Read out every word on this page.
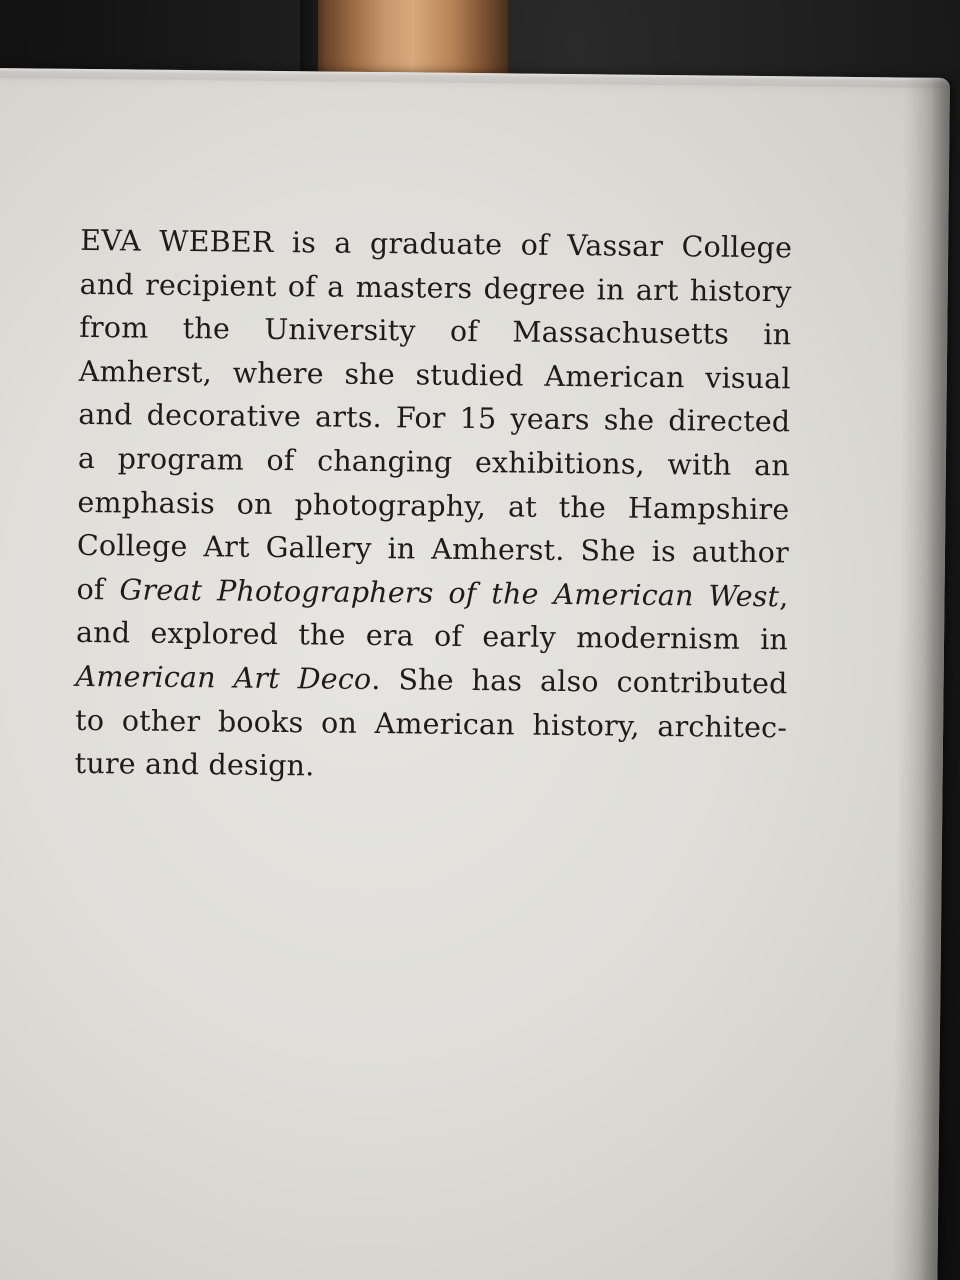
EVA WEBER is a graduate of Vassar College
and recipient of a masters degree in art history
from the University of Massachusetts in
Amherst, where she studied American visual
and decorative arts. For 15 years she directed
a program of changing exhibitions, with an
emphasis on photography, at the Hampshire
College Art Gallery in Amherst. She is author
of Great Photographers of the American West,
and explored the era of early modernism in
American Art Deco. She has also contributed
to other books on American history, architec-
ture and design.
